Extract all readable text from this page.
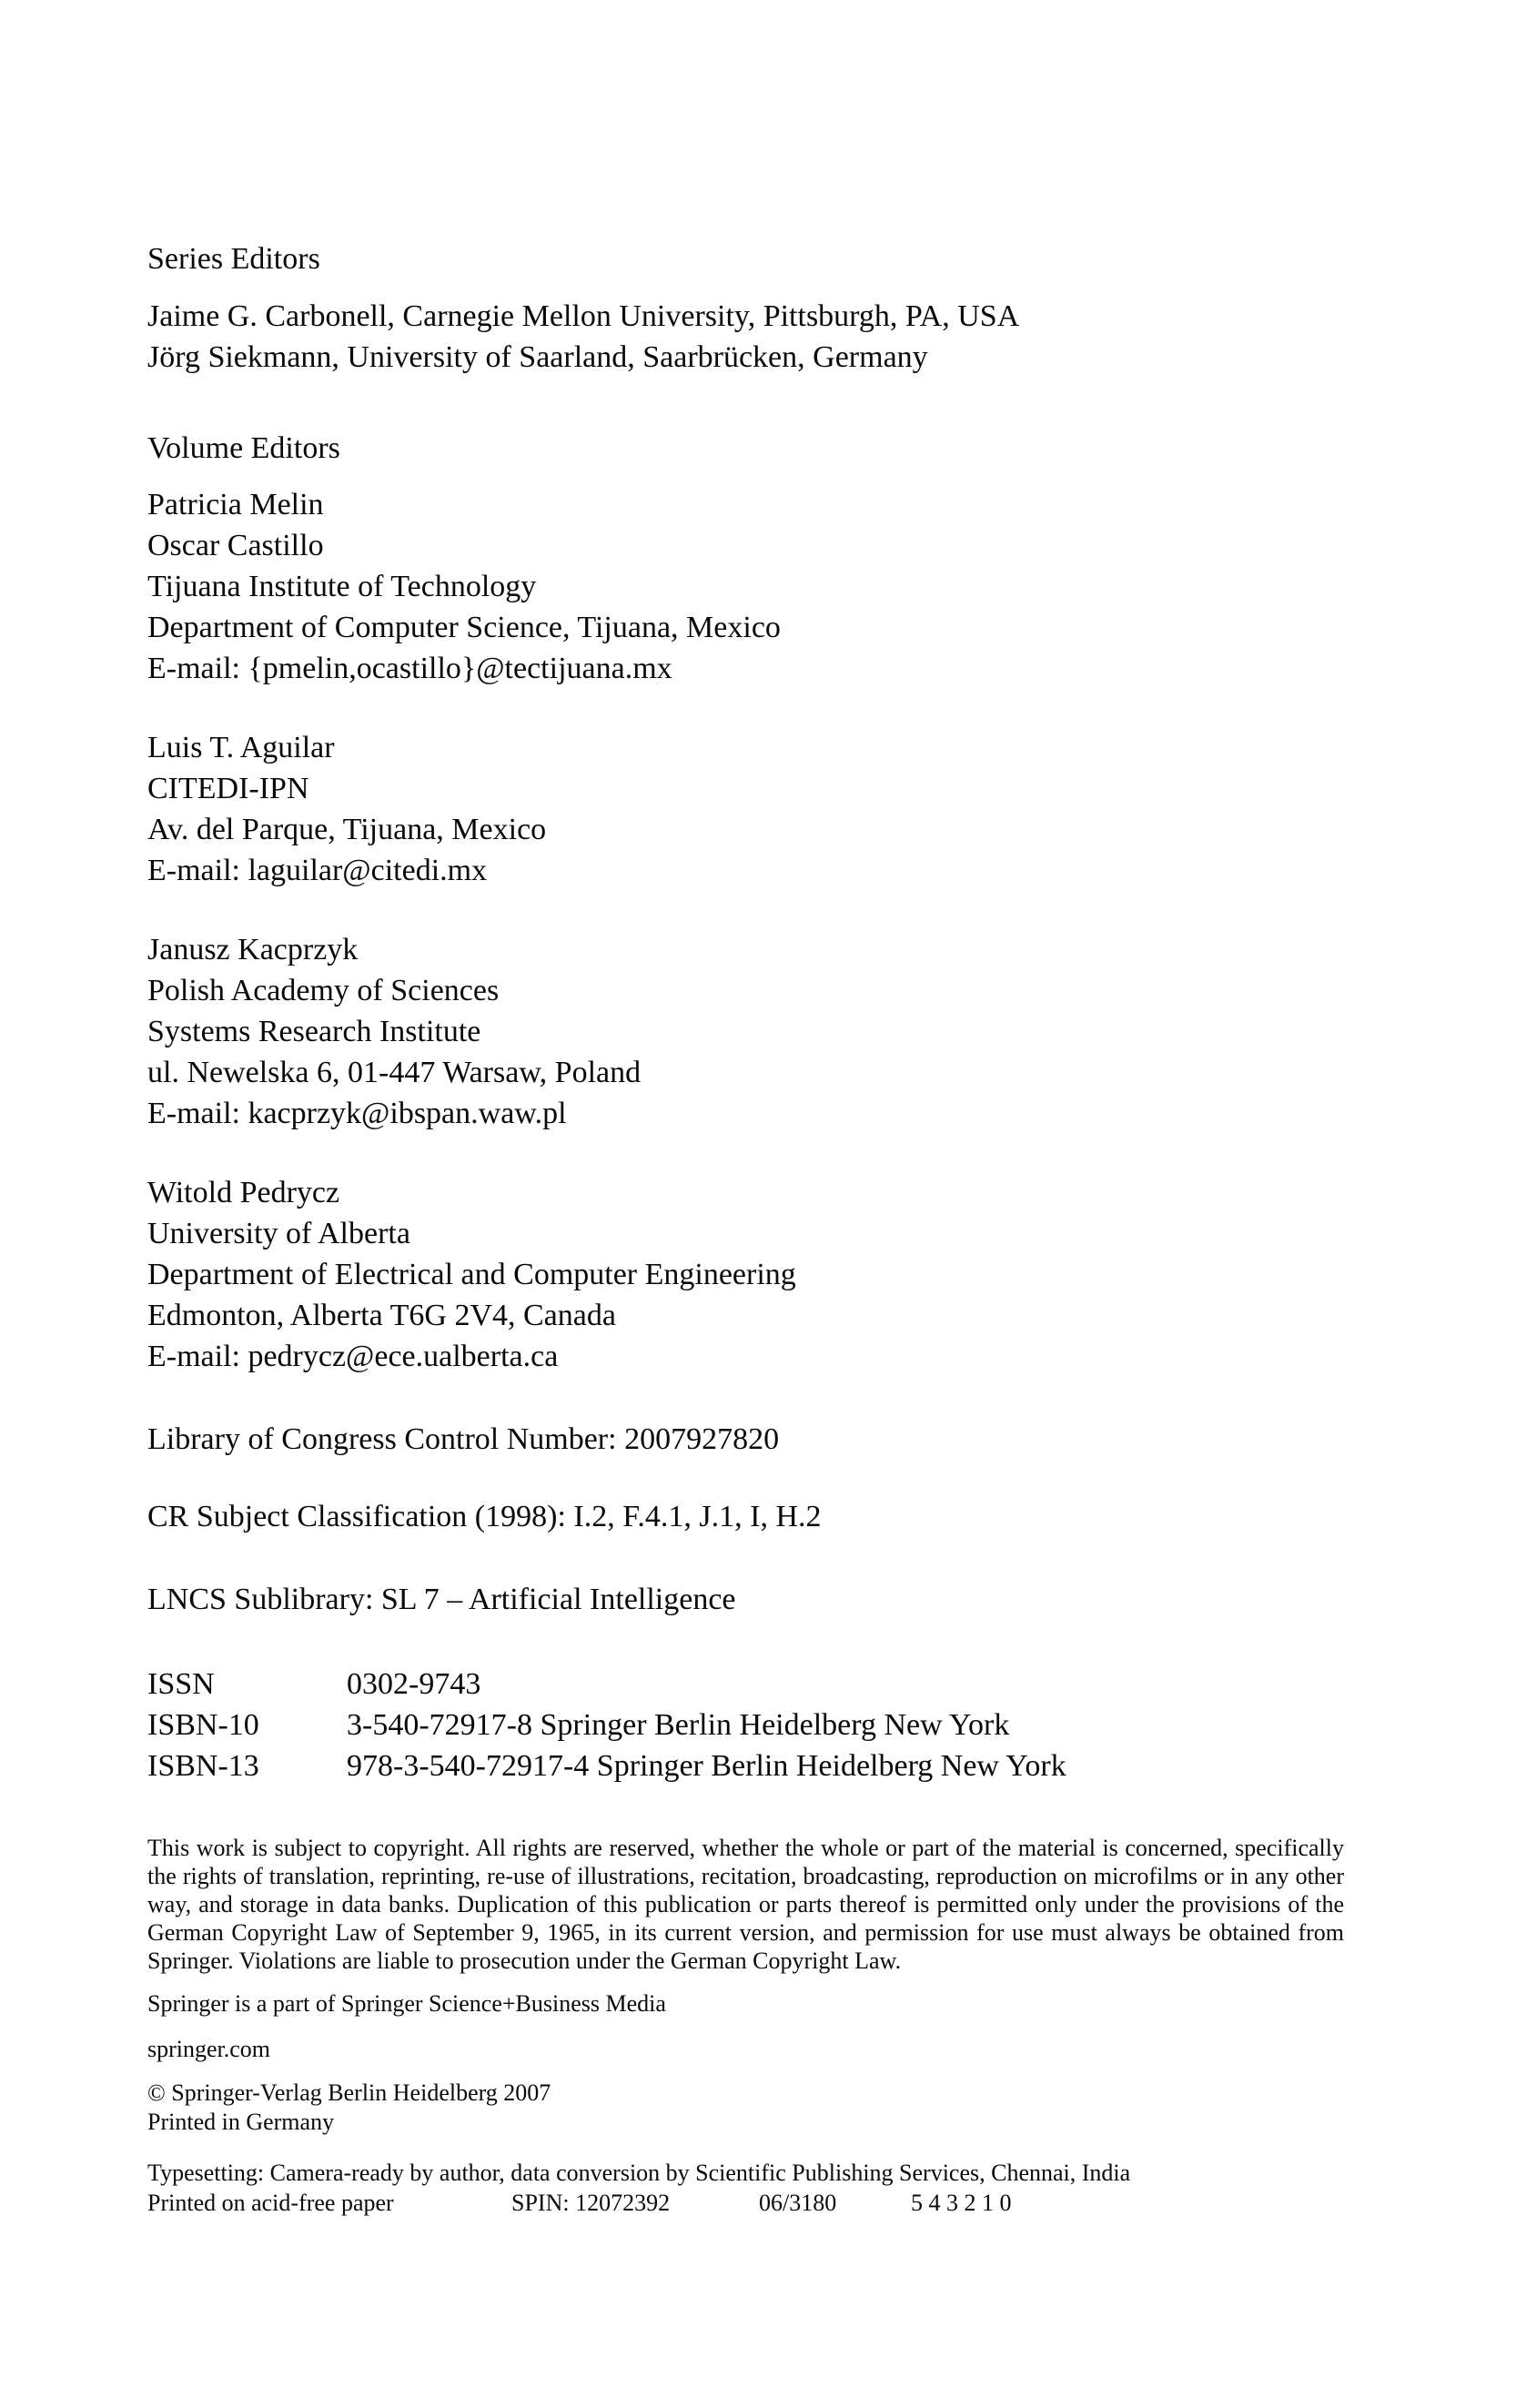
Series Editors
Jaime G. Carbonell, Carnegie Mellon University, Pittsburgh, PA, USA
Jörg Siekmann, University of Saarland, Saarbrücken, Germany
Volume Editors
Patricia Melin
Oscar Castillo
Tijuana Institute of Technology
Department of Computer Science, Tijuana, Mexico
E-mail: {pmelin,ocastillo}@tectijuana.mx
Luis T. Aguilar
CITEDI-IPN
Av. del Parque, Tijuana, Mexico
E-mail: laguilar@citedi.mx
Janusz Kacprzyk
Polish Academy of Sciences
Systems Research Institute
ul. Newelska 6, 01-447 Warsaw, Poland
E-mail: kacprzyk@ibspan.waw.pl
Witold Pedrycz
University of Alberta
Department of Electrical and Computer Engineering
Edmonton, Alberta T6G 2V4, Canada
E-mail: pedrycz@ece.ualberta.ca
Library of Congress Control Number: 2007927820
CR Subject Classification (1998): I.2, F.4.1, J.1, I, H.2
LNCS Sublibrary: SL 7 – Artificial Intelligence
ISSN	0302-9743
ISBN-10	3-540-72917-8 Springer Berlin Heidelberg New York
ISBN-13	978-3-540-72917-4 Springer Berlin Heidelberg New York
This work is subject to copyright. All rights are reserved, whether the whole or part of the material is concerned, specifically the rights of translation, reprinting, re-use of illustrations, recitation, broadcasting, reproduction on microfilms or in any other way, and storage in data banks. Duplication of this publication or parts thereof is permitted only under the provisions of the German Copyright Law of September 9, 1965, in its current version, and permission for use must always be obtained from Springer. Violations are liable to prosecution under the German Copyright Law.
Springer is a part of Springer Science+Business Media
springer.com
© Springer-Verlag Berlin Heidelberg 2007
Printed in Germany
Typesetting: Camera-ready by author, data conversion by Scientific Publishing Services, Chennai, India
Printed on acid-free paper	SPIN: 12072392	06/3180	5 4 3 2 1 0
